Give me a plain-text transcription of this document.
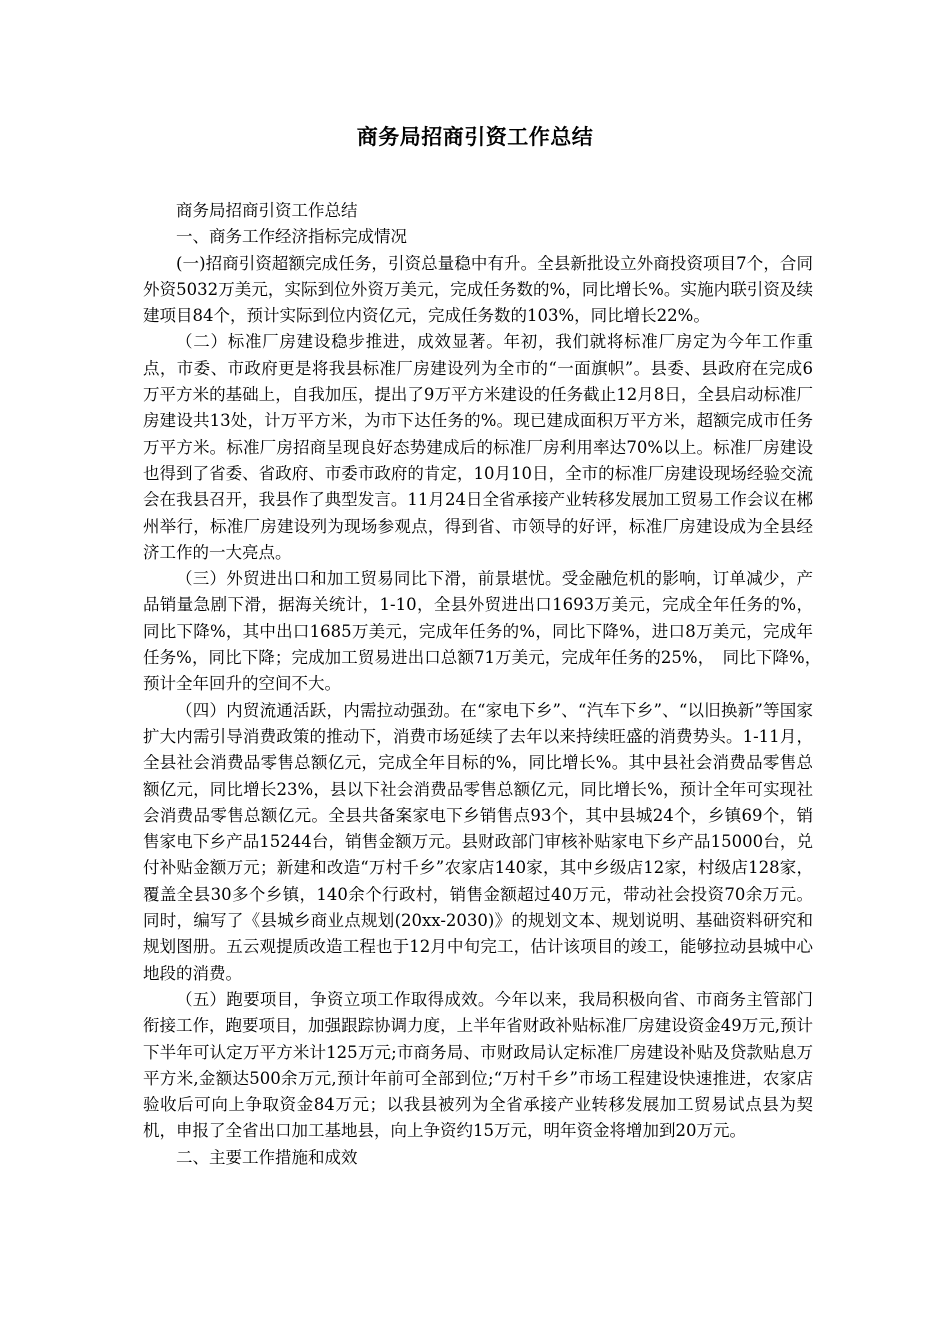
商务局招商引资工作总结

商务局招商引资工作总结

一、商务工作经济指标完成情况

(一)招商引资超额完成任务，引资总量稳中有升。全县新批设立外商投资项目7个，合同外资5032万美元，实际到位外资万美元，完成任务数的%，同比增长%。实施内联引资及续建项目84个，预计实际到位内资亿元，完成任务数的103%，同比增长22%。

（二）标准厂房建设稳步推进，成效显著。年初，我们就将标准厂房定为今年工作重点，市委、市政府更是将我县标准厂房建设列为全市的“一面旗帜”。县委、县政府在完成6万平方米的基础上，自我加压，提出了9万平方米建设的任务截止12月8日，全县启动标准厂房建设共13处，计万平方米，为市下达任务的%。现已建成面积万平方米，超额完成市任务万平方米。标准厂房招商呈现良好态势建成后的标准厂房利用率达70%以上。标准厂房建设也得到了省委、省政府、市委市政府的肯定，10月10日，全市的标准厂房建设现场经验交流会在我县召开，我县作了典型发言。11月24日全省承接产业转移发展加工贸易工作会议在郴州举行，标准厂房建设列为现场参观点，得到省、市领导的好评，标准厂房建设成为全县经济工作的一大亮点。

（三）外贸进出口和加工贸易同比下滑，前景堪忧。受金融危机的影响，订单减少，产品销量急剧下滑，据海关统计，1-10，全县外贸进出口1693万美元，完成全年任务的%，同比下降%，其中出口1685万美元，完成年任务的%，同比下降%，进口8万美元，完成年任务%，同比下降；完成加工贸易进出口总额71万美元，完成年任务的25%，　同比下降%，　预计全年回升的空间不大。

（四）内贸流通活跃，内需拉动强劲。在“家电下乡”、“汽车下乡”、“以旧换新”等国家扩大内需引导消费政策的推动下，消费市场延续了去年以来持续旺盛的消费势头。1-11月，全县社会消费品零售总额亿元，完成全年目标的%，同比增长%。其中县社会消费品零售总额亿元，同比增长23%，县以下社会消费品零售总额亿元，同比增长%，预计全年可实现社会消费品零售总额亿元。全县共备案家电下乡销售点93个，其中县城24个，乡镇69个，销售家电下乡产品15244台，销售金额万元。县财政部门审核补贴家电下乡产品15000台，兑付补贴金额万元；新建和改造“万村千乡”农家店140家，其中乡级店12家，村级店128家，覆盖全县30多个乡镇，140余个行政村，销售金额超过40万元，带动社会投资70余万元。同时，编写了《县城乡商业点规划(20xx-2030)》的规划文本、规划说明、基础资料研究和规划图册。五云观提质改造工程也于12月中旬完工，估计该项目的竣工，能够拉动县城中心地段的消费。

（五）跑要项目，争资立项工作取得成效。今年以来，我局积极向省、市商务主管部门衔接工作，跑要项目，加强跟踪协调力度，上半年省财政补贴标准厂房建设资金49万元,预计下半年可认定万平方米计125万元;市商务局、市财政局认定标准厂房建设补贴及贷款贴息万平方米,金额达500余万元,预计年前可全部到位;“万村千乡”市场工程建设快速推进，农家店验收后可向上争取资金84万元；以我县被列为全省承接产业转移发展加工贸易试点县为契机，申报了全省出口加工基地县，向上争资约15万元，明年资金将增加到20万元。

二、主要工作措施和成效
